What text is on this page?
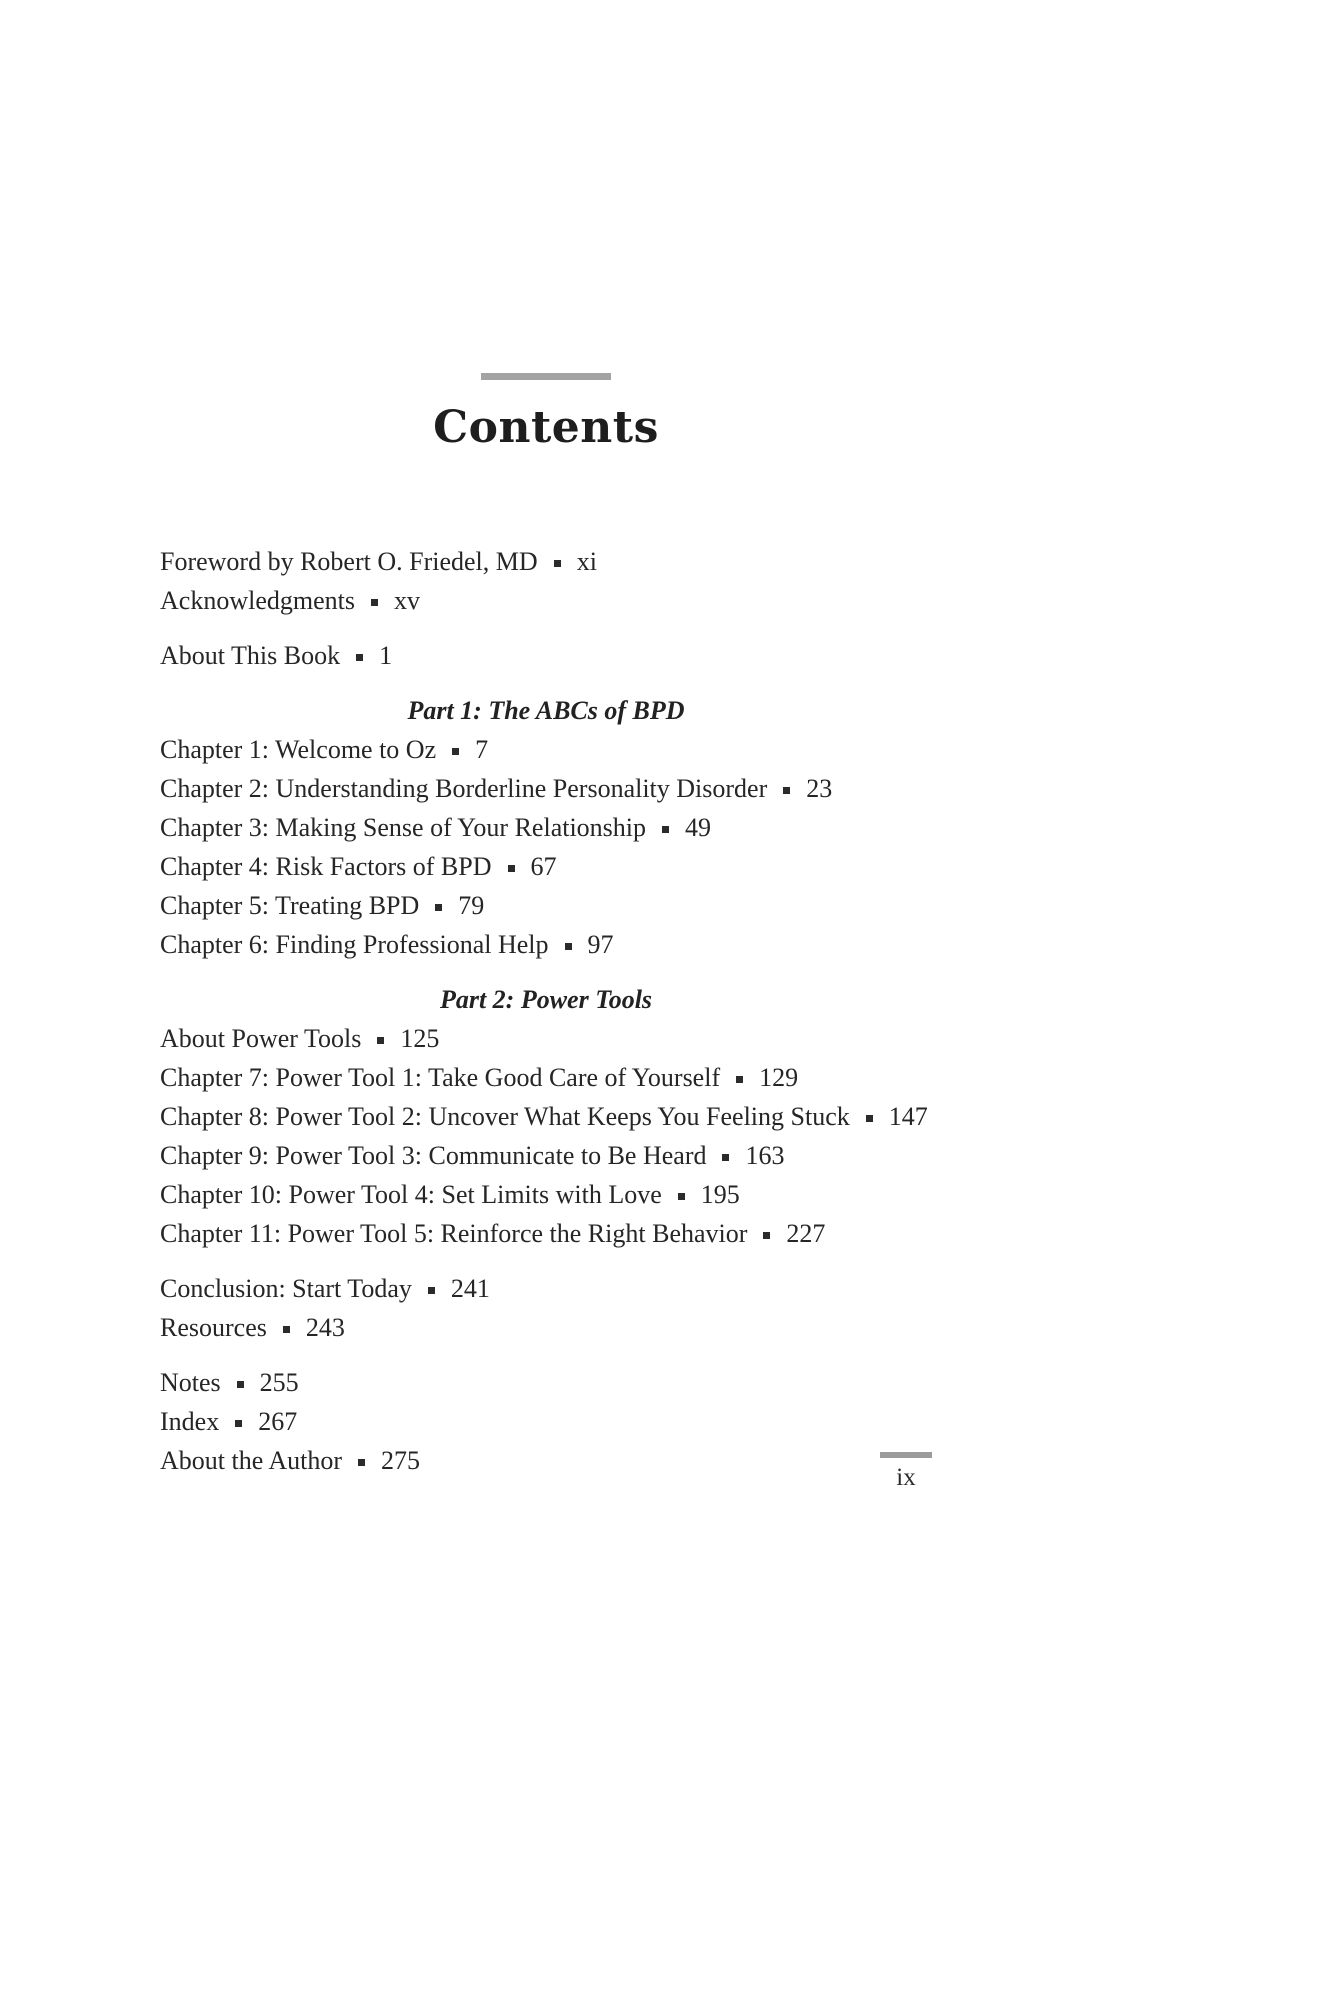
Contents
Foreword by Robert O. Friedel, MD xi
Acknowledgments xv
About This Book 1
Part 1: The ABCs of BPD
Chapter 1: Welcome to Oz 7
Chapter 2: Understanding Borderline Personality Disorder 23
Chapter 3: Making Sense of Your Relationship 49
Chapter 4: Risk Factors of BPD 67
Chapter 5: Treating BPD 79
Chapter 6: Finding Professional Help 97
Part 2: Power Tools
About Power Tools 125
Chapter 7: Power Tool 1: Take Good Care of Yourself 129
Chapter 8: Power Tool 2: Uncover What Keeps You Feeling Stuck 147
Chapter 9: Power Tool 3: Communicate to Be Heard 163
Chapter 10: Power Tool 4: Set Limits with Love 195
Chapter 11: Power Tool 5: Reinforce the Right Behavior 227
Conclusion: Start Today 241
Resources 243
Notes 255
Index 267
About the Author 275
ix
